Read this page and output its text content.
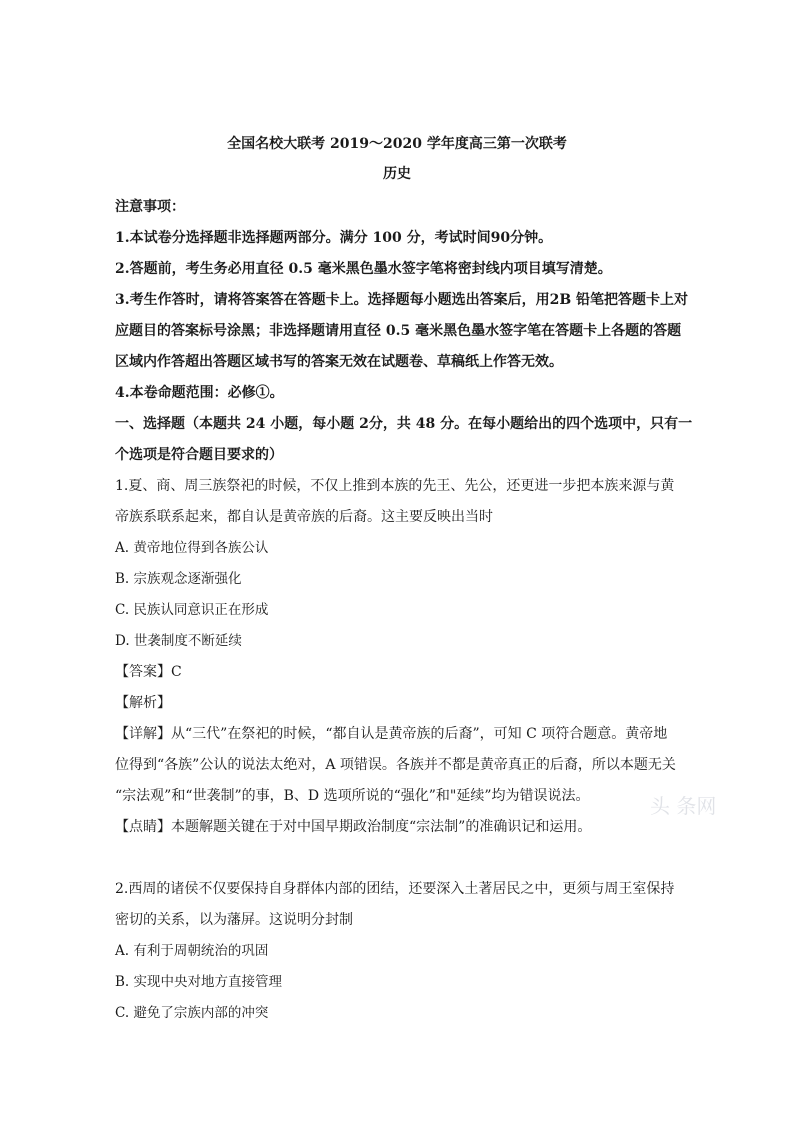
全国名校大联考 2019～2020 学年度高三第一次联考
历史
注意事项：
1.本试卷分选择题非选择题两部分。满分 100 分，考试时间90分钟。
2.答题前，考生务必用直径 0.5 毫米黑色墨水签字笔将密封线内项目填写清楚。
3.考生作答时，请将答案答在答题卡上。选择题每小题选出答案后，用2B 铅笔把答题卡上对
应题目的答案标号涂黑；非选择题请用直径 0.5 毫米黑色墨水签字笔在答题卡上各题的答题
区域内作答超出答题区域书写的答案无效在试题卷、草稿纸上作答无效。
4.本卷命题范围：必修①。
一、选择题（本题共 24 小题，每小题 2分，共 48 分。在每小题给出的四个选项中，只有一
个选项是符合题目要求的）
1.夏、商、周三族祭祀的时候，不仅上推到本族的先王、先公，还更进一步把本族来源与黄
帝族系联系起来，都自认是黄帝族的后裔。这主要反映出当时
A. 黄帝地位得到各族公认
B. 宗族观念逐渐强化
C. 民族认同意识正在形成
D. 世袭制度不断延续
【答案】C
【解析】
【详解】从“三代”在祭祀的时候，“都自认是黄帝族的后裔”，可知 C 项符合题意。黄帝地
位得到“各族”公认的说法太绝对，A 项错误。各族并不都是黄帝真正的后裔，所以本题无关
“宗法观”和“世袭制”的事，B、D 选项所说的“强化”和"延续”均为错误说法。
【点睛】本题解题关键在于对中国早期政治制度“宗法制”的准确识记和运用。
2.西周的诸侯不仅要保持自身群体内部的团结，还要深入土著居民之中，更须与周王室保持
密切的关系，以为藩屏。这说明分封制
A. 有利于周朝统治的巩固
B. 实现中央对地方直接管理
C. 避免了宗族内部的冲突
头 条网
